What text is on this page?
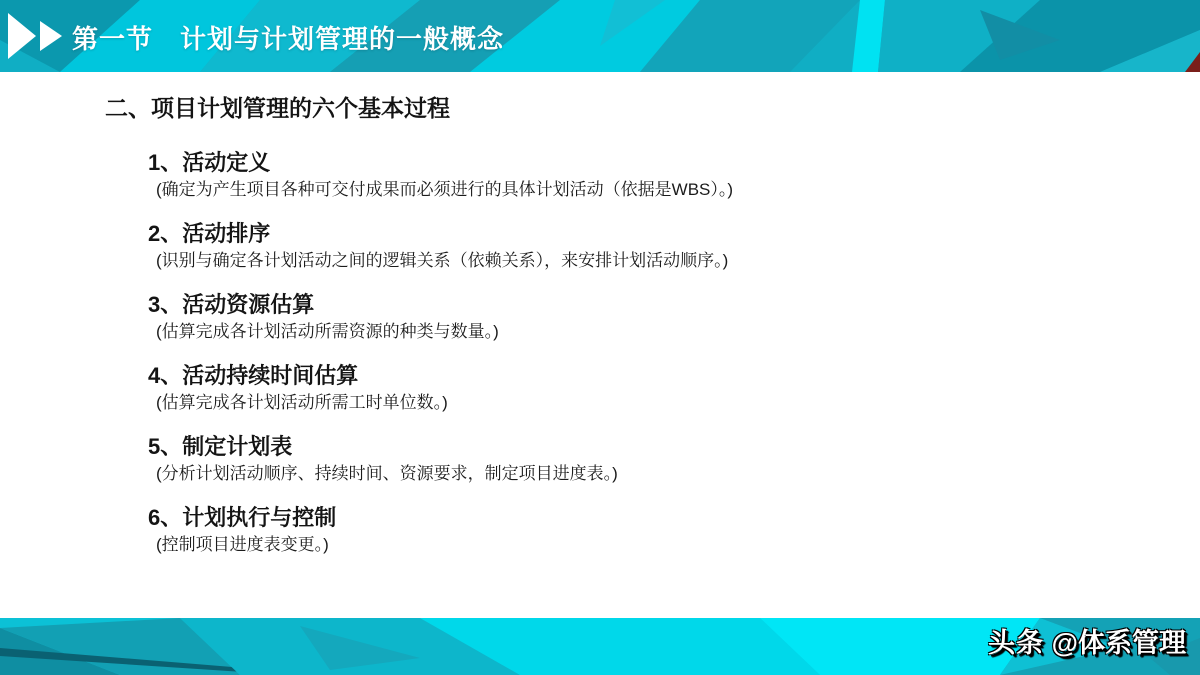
第一节　计划与计划管理的一般概念
二、项目计划管理的六个基本过程
1、活动定义
(确定为产生项目各种可交付成果而必须进行的具体计划活动（依据是WBS）。)
2、活动排序
(识别与确定各计划活动之间的逻辑关系（依赖关系），来安排计划活动顺序。)
3、活动资源估算
(估算完成各计划活动所需资源的种类与数量。)
4、活动持续时间估算
(估算完成各计划活动所需工时单位数。)
5、制定计划表
(分析计划活动顺序、持续时间、资源要求，制定项目进度表。)
6、计划执行与控制
(控制项目进度表变更。)
头条 @体系管理
